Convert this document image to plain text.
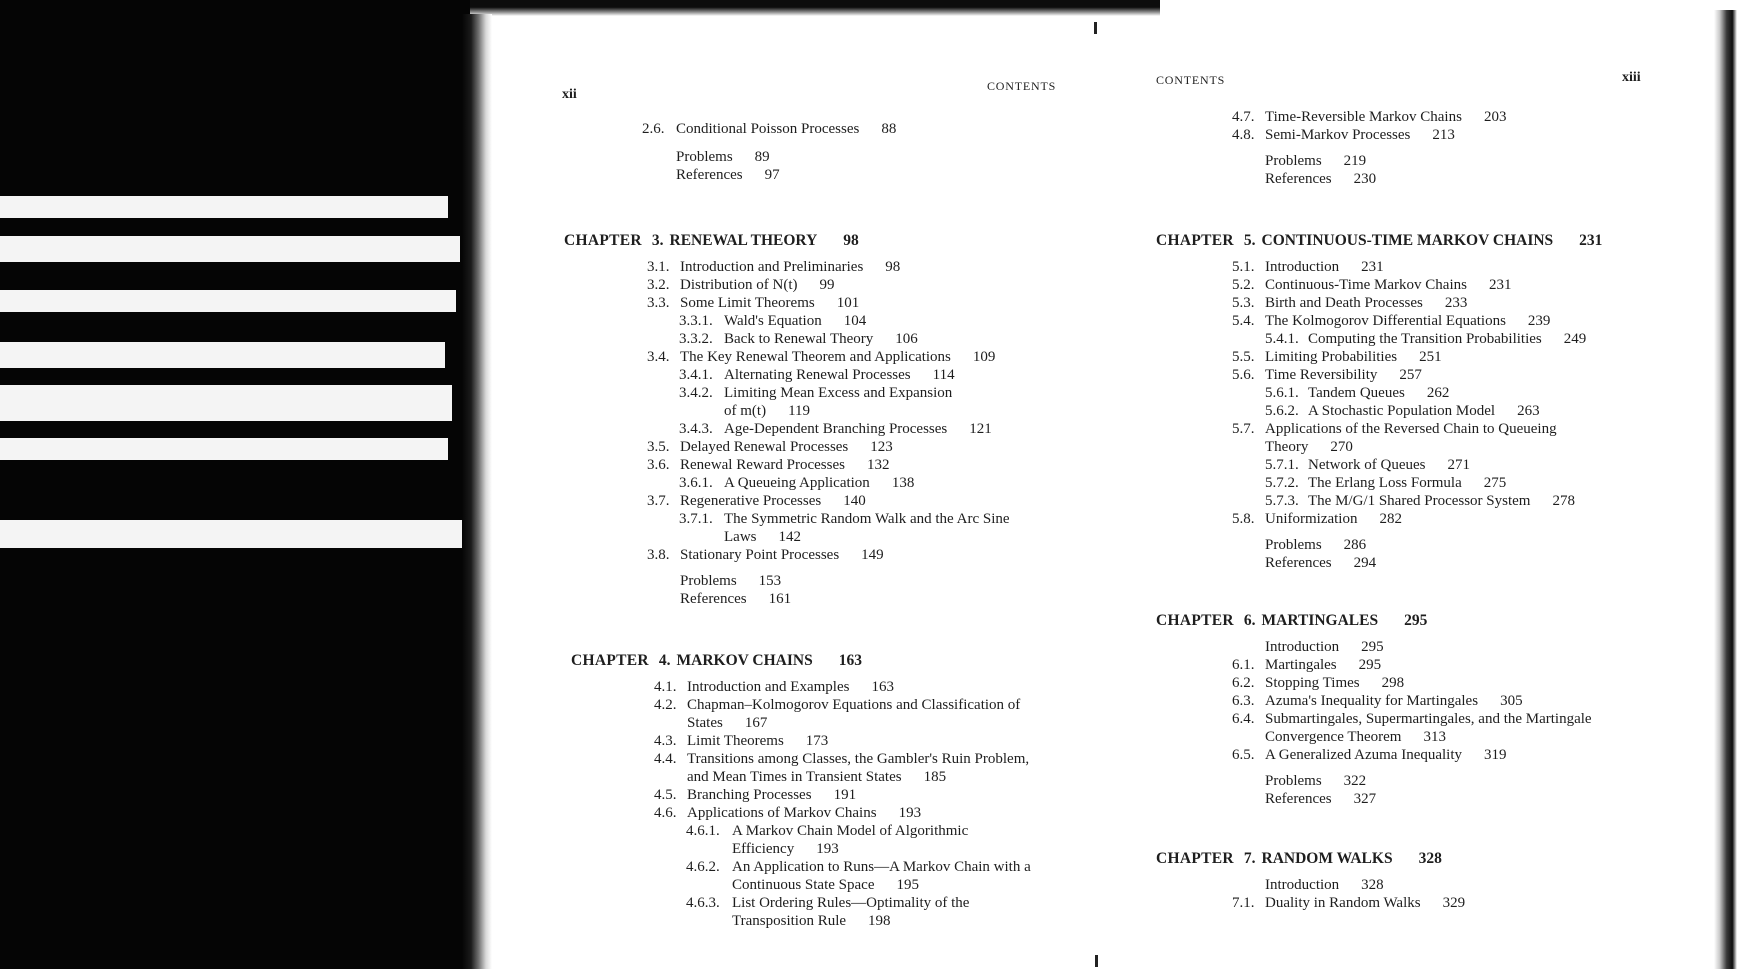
xii
CONTENTS
2.6. Conditional Poisson Processes 88
Problems 89
References 97
CHAPTER 3. RENEWAL THEORY 98
3.1. Introduction and Preliminaries 98
3.2. Distribution of N(t) 99
3.3. Some Limit Theorems 101
3.3.1. Wald's Equation 104
3.3.2. Back to Renewal Theory 106
3.4. The Key Renewal Theorem and Applications 109
3.4.1. Alternating Renewal Processes 114
3.4.2. Limiting Mean Excess and Expansion
of m(t) 119
3.4.3. Age-Dependent Branching Processes 121
3.5. Delayed Renewal Processes 123
3.6. Renewal Reward Processes 132
3.6.1. A Queueing Application 138
3.7. Regenerative Processes 140
3.7.1. The Symmetric Random Walk and the Arc Sine
Laws 142
3.8. Stationary Point Processes 149
Problems 153
References 161
CHAPTER 4. MARKOV CHAINS 163
4.1. Introduction and Examples 163
4.2. Chapman–Kolmogorov Equations and Classification of
States 167
4.3. Limit Theorems 173
4.4. Transitions among Classes, the Gambler's Ruin Problem,
and Mean Times in Transient States 185
4.5. Branching Processes 191
4.6. Applications of Markov Chains 193
4.6.1. A Markov Chain Model of Algorithmic
Efficiency 193
4.6.2. An Application to Runs—A Markov Chain with a
Continuous State Space 195
4.6.3. List Ordering Rules—Optimality of the
Transposition Rule 198
CONTENTS	xiii
4.7. Time-Reversible Markov Chains 203
4.8. Semi-Markov Processes 213
Problems 219
References 230
CHAPTER 5. CONTINUOUS-TIME MARKOV CHAINS 231
5.1. Introduction 231
5.2. Continuous-Time Markov Chains 231
5.3. Birth and Death Processes 233
5.4. The Kolmogorov Differential Equations 239
5.4.1. Computing the Transition Probabilities 249
5.5. Limiting Probabilities 251
5.6. Time Reversibility 257
5.6.1. Tandem Queues 262
5.6.2. A Stochastic Population Model 263
5.7. Applications of the Reversed Chain to Queueing
Theory 270
5.7.1. Network of Queues 271
5.7.2. The Erlang Loss Formula 275
5.7.3. The M/G/1 Shared Processor System 278
5.8. Uniformization 282
Problems 286
References 294
CHAPTER 6. MARTINGALES 295
Introduction 295
6.1. Martingales 295
6.2. Stopping Times 298
6.3. Azuma's Inequality for Martingales 305
6.4. Submartingales, Supermartingales, and the Martingale
Convergence Theorem 313
6.5. A Generalized Azuma Inequality 319
Problems 322
References 327
CHAPTER 7. RANDOM WALKS 328
Introduction 328
7.1. Duality in Random Walks 329
